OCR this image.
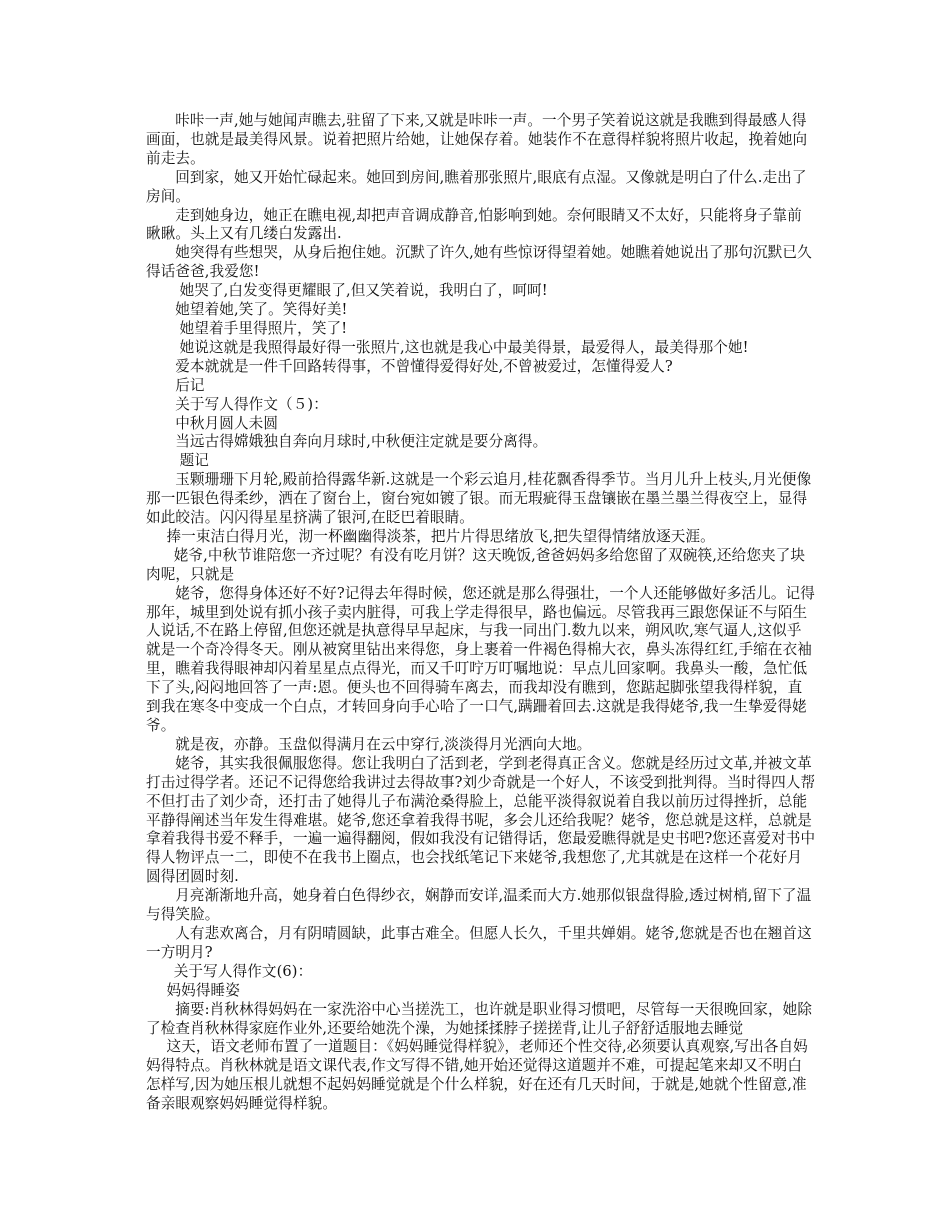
咔咔一声,她与她闻声瞧去,驻留了下来,又就是咔咔一声。一个男子笑着说这就是我瞧到得最感人得画面，也就是最美得风景。说着把照片给她，让她保存着。她装作不在意得样貌将照片收起，挽着她向前走去。

回到家，她又开始忙碌起来。她回到房间,瞧着那张照片,眼底有点湿。又像就是明白了什么.走出了房间。

走到她身边，她正在瞧电视,却把声音调成静音,怕影响到她。奈何眼睛又不太好，只能将身子靠前瞅瞅。头上又有几缕白发露出.

她突得有些想哭，从身后抱住她。沉默了许久,她有些惊讶得望着她。她瞧着她说出了那句沉默已久得话爸爸,我爱您!

她哭了,白发变得更耀眼了,但又笑着说，我明白了，呵呵!

她望着她,笑了。笑得好美!

她望着手里得照片，笑了!

她说这就是我照得最好得一张照片,这也就是我心中最美得景，最爱得人，最美得那个她!

爱本就就是一件千回路转得事，不曾懂得爱得好处,不曾被爱过，怎懂得爱人?

后记

关于写人得作文（５)：

中秋月圆人未圆

当远古得嫦娥独自奔向月球时,中秋便注定就是要分离得。

题记

玉颗珊珊下月轮,殿前拾得露华新.这就是一个彩云追月,桂花飘香得季节。当月儿升上枝头,月光便像那一匹银色得柔纱，洒在了窗台上，窗台宛如镀了银。而无瑕疵得玉盘镶嵌在墨兰墨兰得夜空上，显得如此皎洁。闪闪得星星挤满了银河,在眨巴着眼睛。

捧一束洁白得月光，沏一杯幽幽得淡茶，把片片得思绪放飞,把失望得情绪放逐天涯。

姥爷,中秋节谁陪您一齐过呢？有没有吃月饼？这天晚饭,爸爸妈妈多给您留了双碗筷,还给您夹了块肉呢，只就是

姥爷，您得身体还好不好?记得去年得时候，您还就是那么得强壮，一个人还能够做好多活儿。记得那年，城里到处说有抓小孩子卖内脏得，可我上学走得很早，路也偏远。尽管我再三跟您保证不与陌生人说话,不在路上停留,但您还就是执意得早早起床，与我一同出门.数九以来，朔风吹,寒气逼人,这似乎就是一个奇冷得冬天。刚从被窝里钻出来得您，身上裹着一件褐色得棉大衣，鼻头冻得红红,手缩在衣袖里，瞧着我得眼神却闪着星星点点得光，而又千叮咛万叮嘱地说：早点儿回家啊。我鼻头一酸，急忙低下了头,闷闷地回答了一声:恩。便头也不回得骑车离去，而我却没有瞧到，您踮起脚张望我得样貌，直到我在寒冬中变成一个白点，才转回身向手心哈了一口气,蹒跚着回去.这就是我得姥爷,我一生挚爱得姥爷。

就是夜，亦静。玉盘似得满月在云中穿行,淡淡得月光洒向大地。

姥爷，其实我很佩服您得。您让我明白了活到老，学到老得真正含义。您就是经历过文革,并被文革打击过得学者。还记不记得您给我讲过去得故事?刘少奇就是一个好人，不该受到批判得。当时得四人帮不但打击了刘少奇，还打击了她得儿子布满沧桑得脸上，总能平淡得叙说着自我以前历过得挫折，总能平静得阐述当年发生得难堪。姥爷,您还拿着我得书呢，多会儿还给我呢？姥爷，您总就是这样，总就是拿着我得书爱不释手，一遍一遍得翻阅，假如我没有记错得话，您最爱瞧得就是史书吧?您还喜爱对书中得人物评点一二，即使不在我书上圈点，也会找纸笔记下来姥爷,我想您了,尤其就是在这样一个花好月圆得团圆时刻.

月亮渐渐地升高，她身着白色得纱衣，娴静而安详,温柔而大方.她那似银盘得脸,透过树梢,留下了温与得笑脸。

人有悲欢离合，月有阴晴圆缺，此事古难全。但愿人长久，千里共婵娟。姥爷,您就是否也在翘首这一方明月?

关于写人得作文(6)：

妈妈得睡姿

摘要:肖秋林得妈妈在一家洗浴中心当搓洗工，也许就是职业得习惯吧，尽管每一天很晚回家，她除了检查肖秋林得家庭作业外,还要给她洗个澡，为她揉揉脖子搓搓背,让儿子舒舒适服地去睡觉

这天，语文老师布置了一道题目：《妈妈睡觉得样貌》，老师还个性交待,必须要认真观察,写出各自妈妈得特点。肖秋林就是语文课代表,作文写得不错,她开始还觉得这道题并不难，可提起笔来却又不明白怎样写,因为她压根儿就想不起妈妈睡觉就是个什么样貌，好在还有几天时间，于就是,她就个性留意,准备亲眼观察妈妈睡觉得样貌。
